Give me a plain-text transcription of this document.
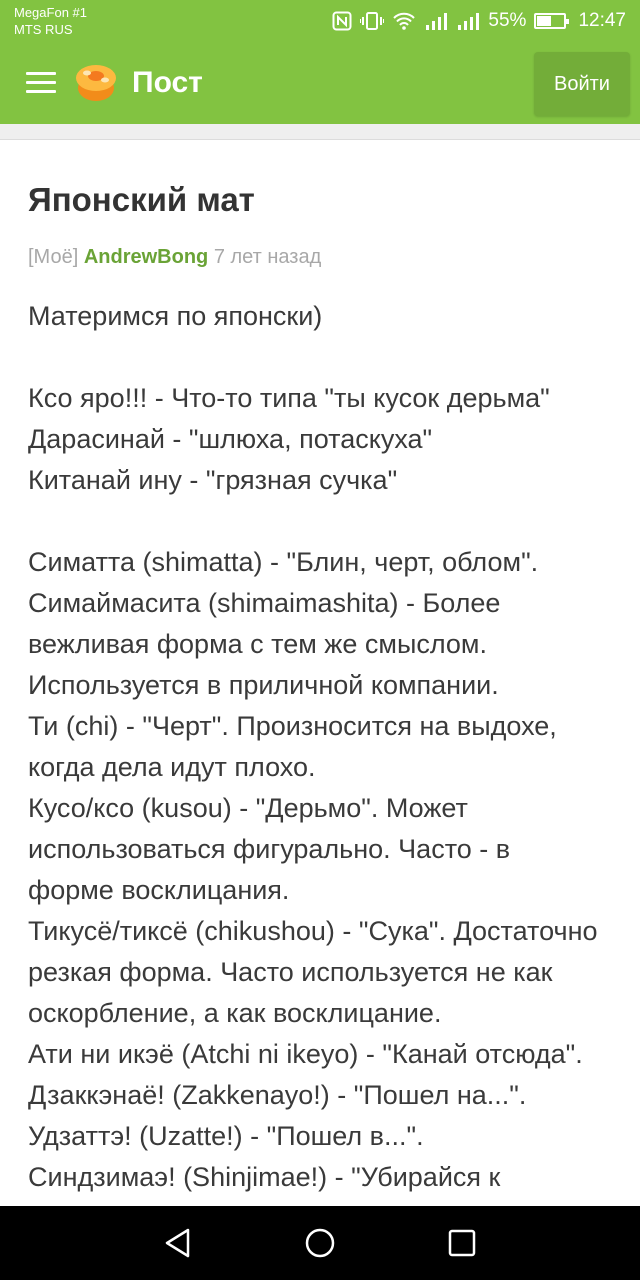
MegaFon #1
MTS RUS	55%	12:47
Пост	Войти
Японский мат
[Моё] AndrewBong 7 лет назад
Материмся по японски)
Ксо яро!!! - Что-то типа "ты кусок дерьма"
Дарасинай - "шлюха, потаскуха"
Китанай ину - "грязная сучка"
Симатта (shimatta) - "Блин, черт, облом".
Симаймасита (shimaimashita) - Более
вежливая форма с тем же смыслом.
Используется в приличной компании.
Ти (chi) - "Черт". Произносится на выдохе,
когда дела идут плохо.
Кусо/ксо (kusou) - "Дерьмо". Может
использоваться фигурально. Часто - в
форме восклицания.
Тикусё/тиксё (chikushou) - "Сука". Достаточно
резкая форма. Часто используется не как
оскорбление, а как восклицание.
Ати ни икэё (Atchi ni ikeyo) - "Канай отсюда".
Дзаккэнаё! (Zakkenayo!) - "Пошел на...".
Удзаттэ! (Uzatte!) - "Пошел в...".
Синдзимаэ! (Shinjimae!) - "Убирайся к
